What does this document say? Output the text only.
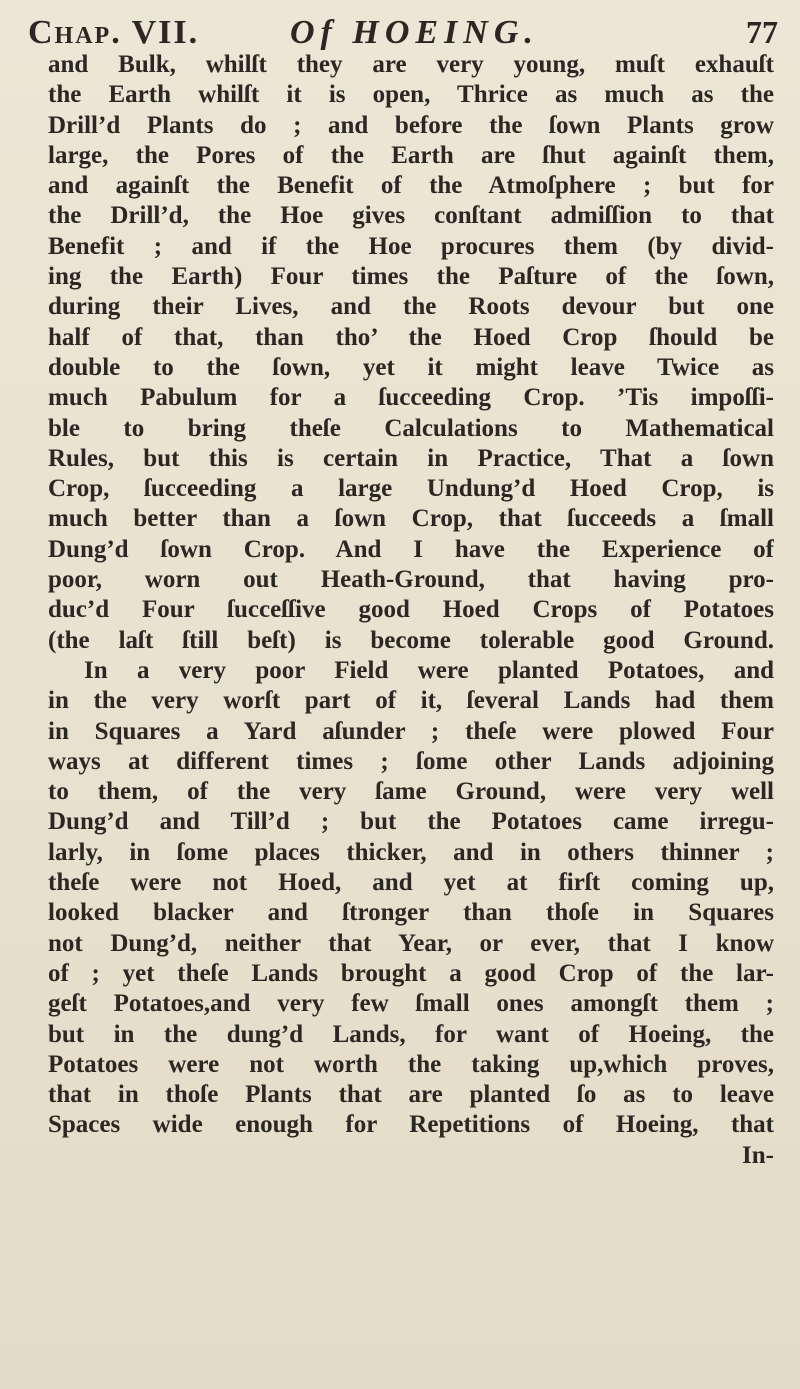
Chap. VII.	Of HOEING.	77
and Bulk, whilſt they are very young, muſt exhauſt
the Earth whilſt it is open, Thrice as much as the
Drill’d Plants do ; and before the ſown Plants grow
large, the Pores of the Earth are ſhut againſt them,
and againſt the Benefit of the Atmoſphere ; but for
the Drill’d, the Hoe gives conſtant admiſſion to that
Benefit ; and if the Hoe procures them (by divid-
ing the Earth) Four times the Paſture of the ſown,
during their Lives, and the Roots devour but one
half of that, than tho’ the Hoed Crop ſhould be
double to the ſown, yet it might leave Twice as
much Pabulum for a ſucceeding Crop. ’Tis impoſſi-
ble to bring theſe Calculations to Mathematical
Rules, but this is certain in Practice, That a ſown
Crop, ſucceeding a large Undung’d Hoed Crop, is
much better than a ſown Crop, that ſucceeds a ſmall
Dung’d ſown Crop. And I have the Experience of
poor, worn out Heath-Ground, that having pro-
duc’d Four ſucceſſive good Hoed Crops of Potatoes
(the laſt ſtill beſt) is become tolerable good Ground.
In a very poor Field were planted Potatoes, and
in the very worſt part of it, ſeveral Lands had them
in Squares a Yard aſunder ; theſe were plowed Four
ways at different times ; ſome other Lands adjoining
to them, of the very ſame Ground, were very well
Dung’d and Till’d ; but the Potatoes came irregu-
larly, in ſome places thicker, and in others thinner ;
theſe were not Hoed, and yet at firſt coming up,
looked blacker and ſtronger than thoſe in Squares
not Dung’d, neither that Year, or ever, that I know
of ; yet theſe Lands brought a good Crop of the lar-
geſt Potatoes,and very few ſmall ones amongſt them ;
but in the dung’d Lands, for want of Hoeing, the
Potatoes were not worth the taking up,which proves,
that in thoſe Plants that are planted ſo as to leave
Spaces wide enough for Repetitions of Hoeing, that
In-
